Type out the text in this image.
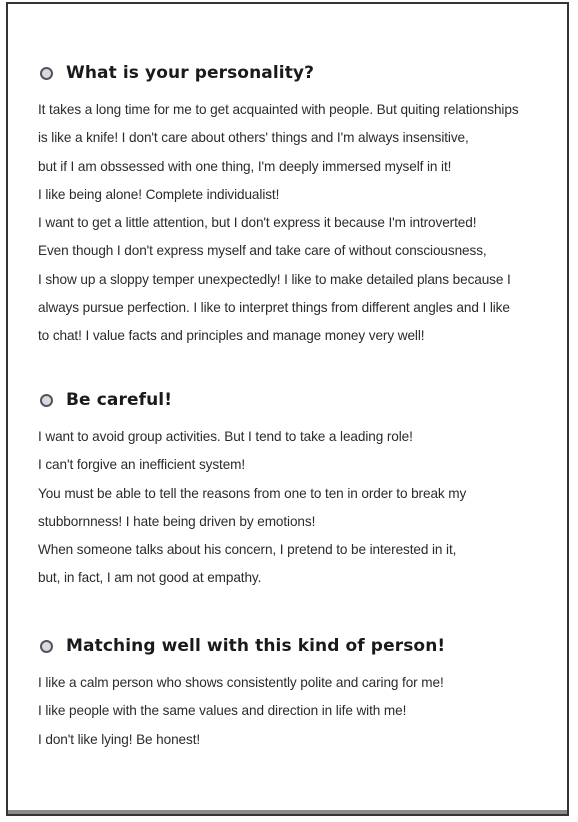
What is your personality?
It takes a long time for me to get acquainted with people. But quiting relationships
is like a knife! I don't care about others' things and I'm always insensitive,
but if I am obssessed with one thing, I'm deeply immersed myself in it!
I like being alone! Complete individualist!
I want to get a little attention, but I don't express it because I'm introverted!
Even though I don't express myself and take care of without consciousness,
I show up a sloppy temper unexpectedly! I like to make detailed plans because I
always pursue perfection. I like to interpret things from different angles and I like
to chat! I value facts and principles and manage money very well!
Be careful!
I want to avoid group activities. But I tend to take a leading role!
I can't forgive an inefficient system!
You must be able to tell the reasons from one to ten in order to break my
stubbornness! I hate being driven by emotions!
When someone talks about his concern, I pretend to be interested in it,
but, in fact, I am not good at empathy.
Matching well with this kind of person!
I like a calm person who shows consistently polite and caring for me!
I like people with the same values and direction in life with me!
I don't like lying! Be honest!
